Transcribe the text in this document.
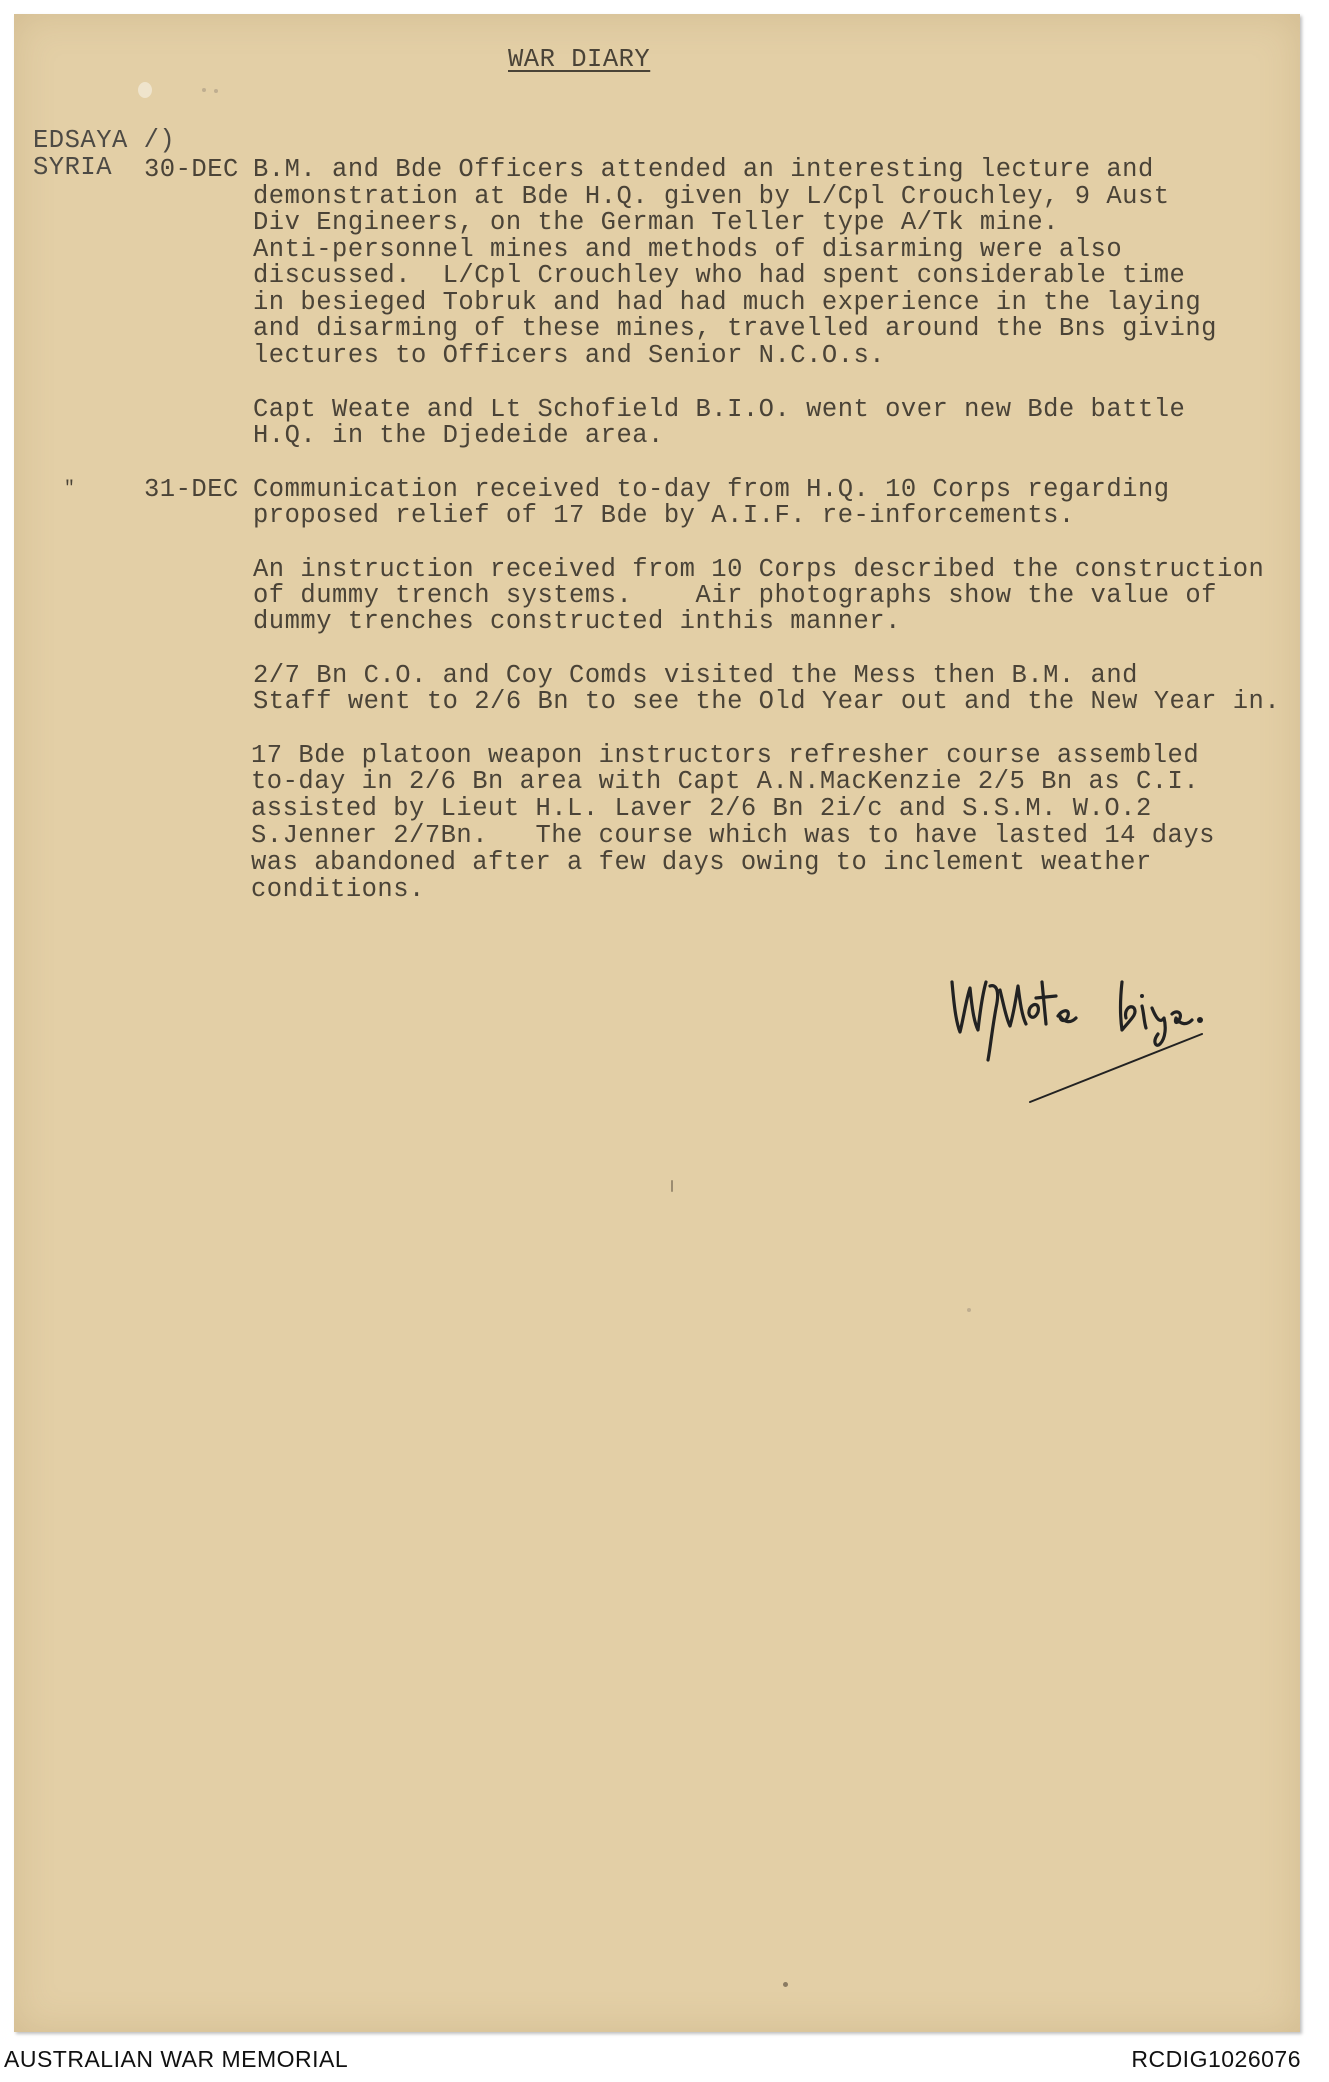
WAR DIARY
EDSAYA /)
SYRIA 30-DEC B.M. and Bde Officers attended an interesting lecture and
demonstration at Bde H.Q. given by L/Cpl Crouchley, 9 Aust
Div Engineers, on the German Teller type A/Tk mine.
Anti-personnel mines and methods of disarming were also
discussed.  L/Cpl Crouchley who had spent considerable time
in besieged Tobruk and had had much experience in the laying
and disarming of these mines, travelled around the Bns giving
lectures to Officers and Senior N.C.O.s.
Capt Weate and Lt Schofield B.I.O. went over new Bde battle
H.Q. in the Djedeide area.
"	31-DEC Communication received to-day from H.Q. 10 Corps regarding
proposed relief of 17 Bde by A.I.F. re-inforcements.
An instruction received from 10 Corps described the construction
of dummy trench systems.    Air photographs show the value of
dummy trenches constructed inthis manner.
2/7 Bn C.O. and Coy Comds visited the Mess then B.M. and
Staff went to 2/6 Bn to see the Old Year out and the New Year in.
17 Bde platoon weapon instructors refresher course assembled
to-day in 2/6 Bn area with Capt A.N.MacKenzie 2/5 Bn as C.I.
assisted by Lieut H.L. Laver 2/6 Bn 2i/c and S.S.M. W.O.2
S.Jenner 2/7Bn.   The course which was to have lasted 14 days
was abandoned after a few days owing to inclement weather
conditions.
AUSTRALIAN WAR MEMORIAL	RCDIG1026076
